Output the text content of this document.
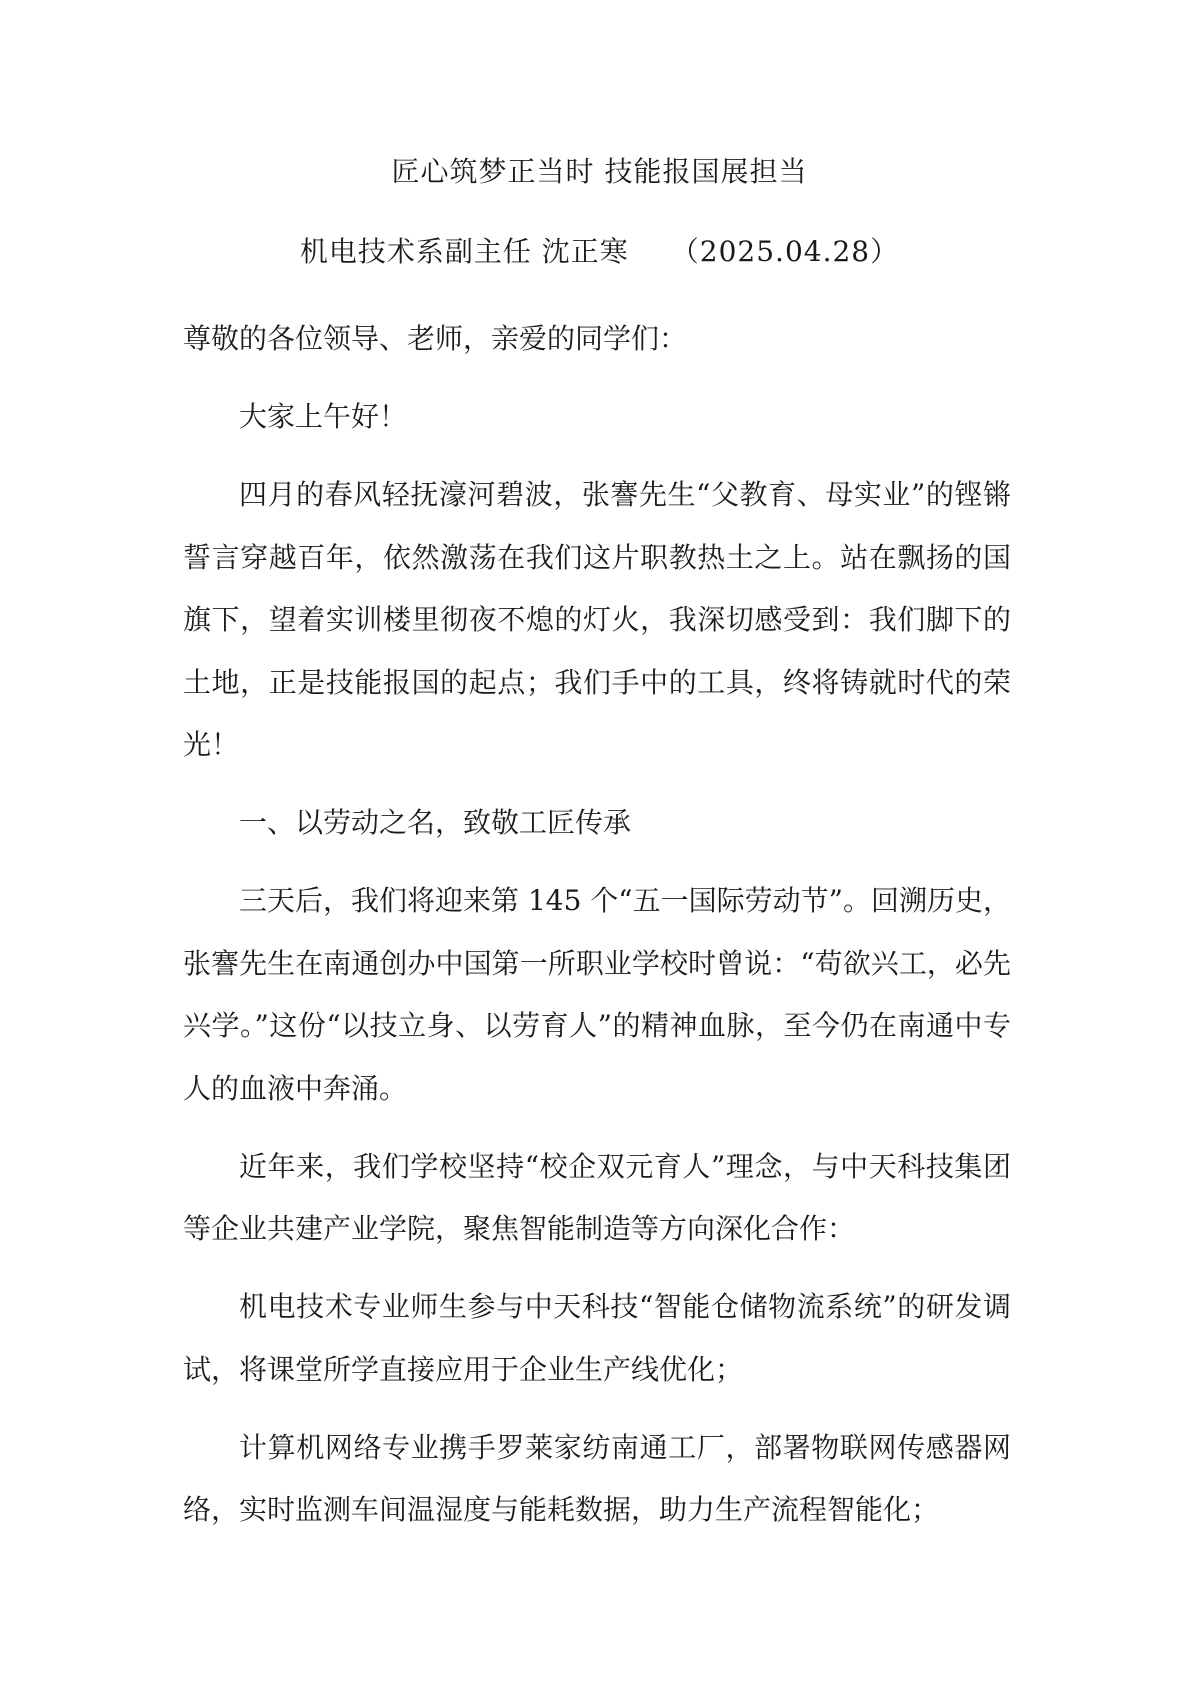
匠心筑梦正当时 技能报国展担当
机电技术系副主任 沈正寒 （2025.04.28）

尊敬的各位领导、老师，亲爱的同学们：

大家上午好！

四月的春风轻抚濠河碧波，张謇先生“父教育、母实业”的铿锵誓言穿越百年，依然激荡在我们这片职教热土之上。站在飘扬的国旗下，望着实训楼里彻夜不熄的灯火，我深切感受到：我们脚下的土地，正是技能报国的起点；我们手中的工具，终将铸就时代的荣光！

一、以劳动之名，致敬工匠传承

三天后，我们将迎来第 145 个“五一国际劳动节”。回溯历史，张謇先生在南通创办中国第一所职业学校时曾说：“苟欲兴工，必先兴学。”这份“以技立身、以劳育人”的精神血脉，至今仍在南通中专人的血液中奔涌。

近年来，我们学校坚持“校企双元育人”理念，与中天科技集团等企业共建产业学院，聚焦智能制造等方向深化合作：

机电技术专业师生参与中天科技“智能仓储物流系统”的研发调试，将课堂所学直接应用于企业生产线优化；

计算机网络专业携手罗莱家纺南通工厂，部署物联网传感器网络，实时监测车间温湿度与能耗数据，助力生产流程智能化；
